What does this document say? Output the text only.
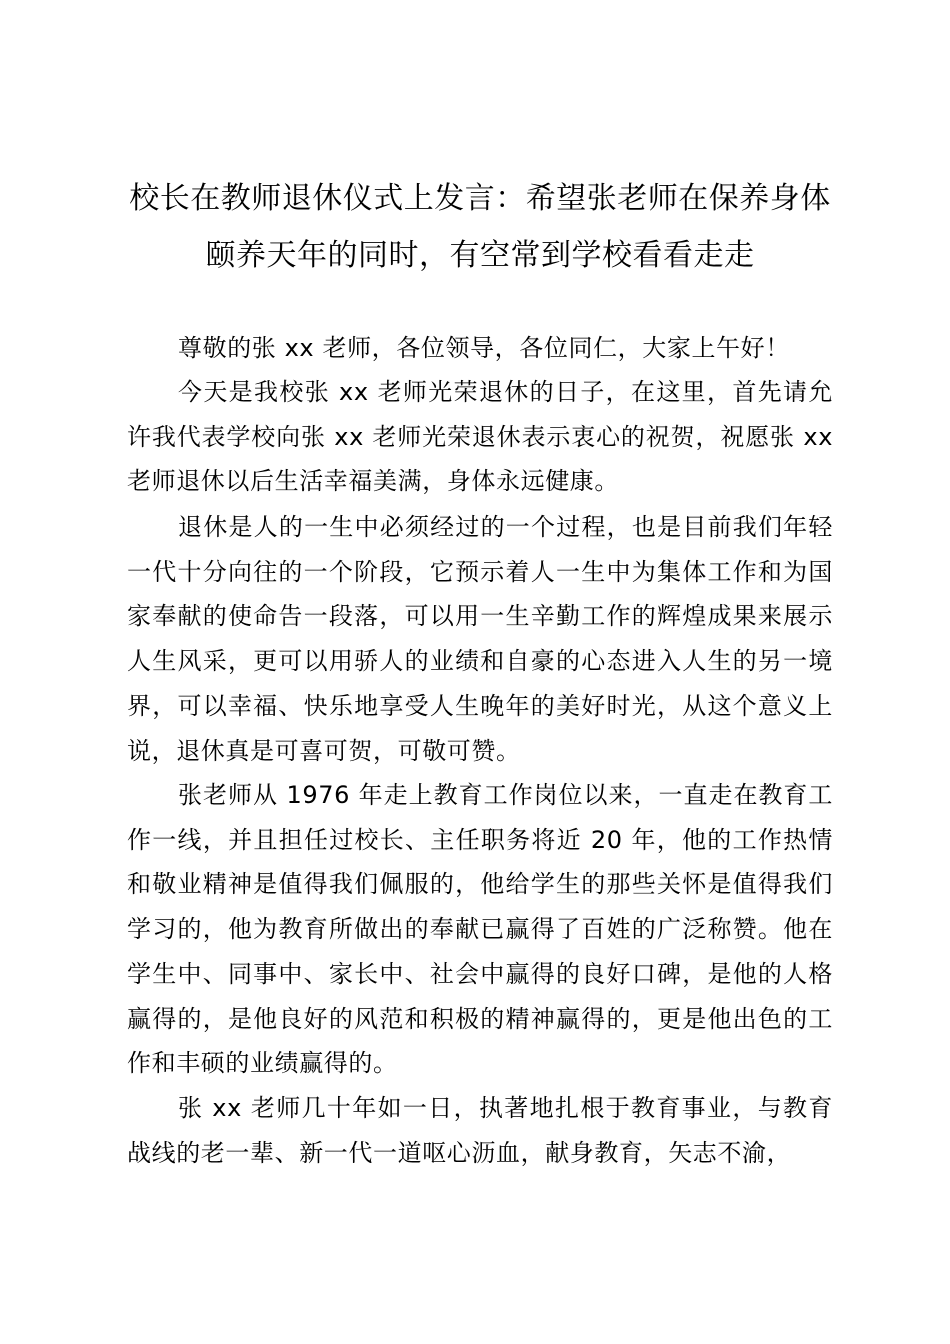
校长在教师退休仪式上发言：希望张老师在保养身体颐养天年的同时，有空常到学校看看走走

尊敬的张 xx 老师，各位领导，各位同仁，大家上午好！

今天是我校张 xx 老师光荣退休的日子，在这里，首先请允许我代表学校向张 xx 老师光荣退休表示衷心的祝贺，祝愿张 xx 老师退休以后生活幸福美满，身体永远健康。

退休是人的一生中必须经过的一个过程，也是目前我们年轻一代十分向往的一个阶段，它预示着人一生中为集体工作和为国家奉献的使命告一段落，可以用一生辛勤工作的辉煌成果来展示人生风采，更可以用骄人的业绩和自豪的心态进入人生的另一境界，可以幸福、快乐地享受人生晚年的美好时光，从这个意义上说，退休真是可喜可贺，可敬可赞。

张老师从 1976 年走上教育工作岗位以来，一直走在教育工作一线，并且担任过校长、主任职务将近 20 年，他的工作热情和敬业精神是值得我们佩服的，他给学生的那些关怀是值得我们学习的，他为教育所做出的奉献已赢得了百姓的广泛称赞。他在学生中、同事中、家长中、社会中赢得的良好口碑，是他的人格赢得的，是他良好的风范和积极的精神赢得的，更是他出色的工作和丰硕的业绩赢得的。

张 xx 老师几十年如一日，执著地扎根于教育事业，与教育战线的老一辈、新一代一道呕心沥血，献身教育，矢志不渝，
